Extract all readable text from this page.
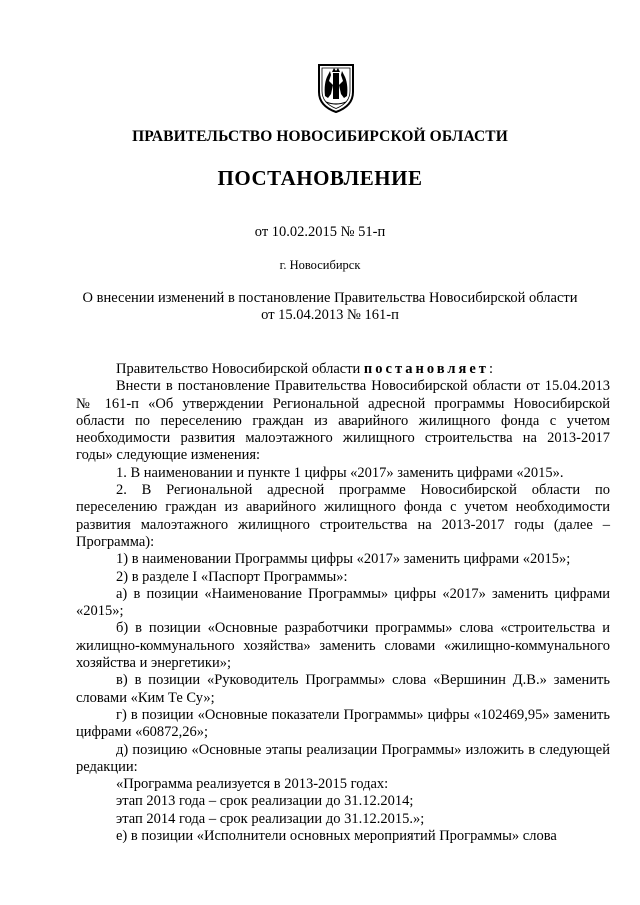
ПРАВИТЕЛЬСТВО НОВОСИБИРСКОЙ ОБЛАСТИ
ПОСТАНОВЛЕНИЕ
от 10.02.2015 № 51-п
г. Новосибирск
О внесении изменений в постановление Правительства Новосибирской области
от 15.04.2013 № 161-п

Правительство Новосибирской области постановляет:

Внести в постановление Правительства Новосибирской области от 15.04.2013 № 161-п «Об утверждении Региональной адресной программы Новосибирской области по переселению граждан из аварийного жилищного фонда с учетом необходимости развития малоэтажного жилищного строительства на 2013-2017 годы» следующие изменения:

1. В наименовании и пункте 1 цифры «2017» заменить цифрами «2015».

2. В Региональной адресной программе Новосибирской области по переселению граждан из аварийного жилищного фонда с учетом необходимости развития малоэтажного жилищного строительства на 2013-2017 годы (далее – Программа):

1) в наименовании Программы цифры «2017» заменить цифрами «2015»;

2) в разделе I «Паспорт Программы»:

а) в позиции «Наименование Программы» цифры «2017» заменить цифрами «2015»;

б) в позиции «Основные разработчики программы» слова «строительства и жилищно-коммунального хозяйства» заменить словами «жилищно-коммунального хозяйства и энергетики»;

в) в позиции «Руководитель Программы» слова «Вершинин Д.В.» заменить словами «Ким Те Су»;

г) в позиции «Основные показатели Программы» цифры «102469,95» заменить цифрами «60872,26»;

д) позицию «Основные этапы реализации Программы» изложить в следующей редакции:

«Программа реализуется в 2013-2015 годах:

этап 2013 года – срок реализации до 31.12.2014;

этап 2014 года – срок реализации до 31.12.2015.»;

е) в позиции «Исполнители основных мероприятий Программы» слова
